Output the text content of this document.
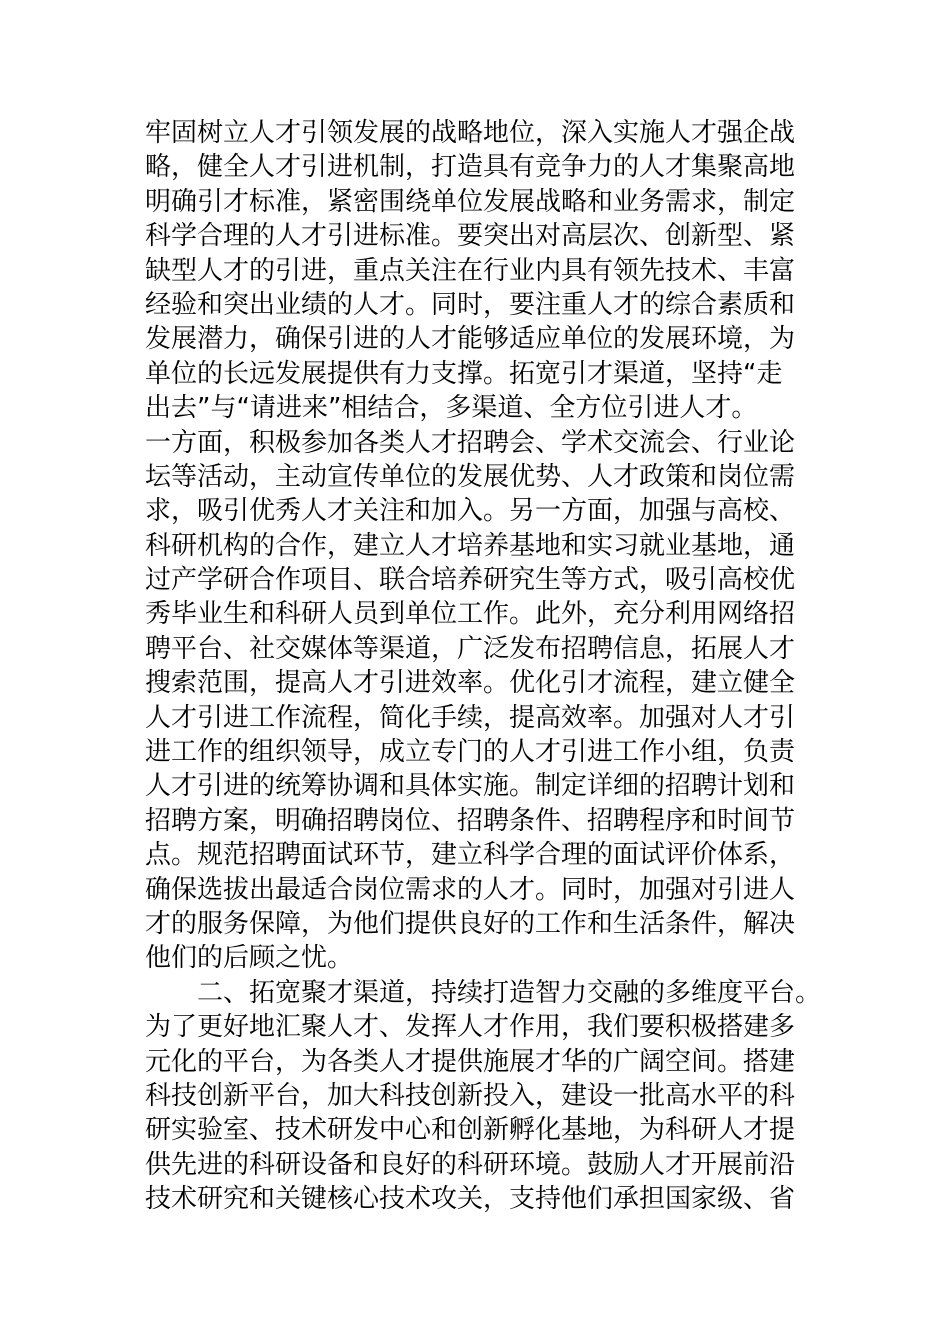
牢固树立人才引领发展的战略地位，深入实施人才强企战
略，健全人才引进机制，打造具有竞争力的人才集聚高地
明确引才标准，紧密围绕单位发展战略和业务需求，制定
科学合理的人才引进标准。要突出对高层次、创新型、紧
缺型人才的引进，重点关注在行业内具有领先技术、丰富
经验和突出业绩的人才。同时，要注重人才的综合素质和
发展潜力，确保引进的人才能够适应单位的发展环境，为
单位的长远发展提供有力支撑。拓宽引才渠道，坚持“走
出去”与“请进来”相结合，多渠道、全方位引进人才。
一方面，积极参加各类人才招聘会、学术交流会、行业论
坛等活动，主动宣传单位的发展优势、人才政策和岗位需
求，吸引优秀人才关注和加入。另一方面，加强与高校、
科研机构的合作，建立人才培养基地和实习就业基地，通
过产学研合作项目、联合培养研究生等方式，吸引高校优
秀毕业生和科研人员到单位工作。此外，充分利用网络招
聘平台、社交媒体等渠道，广泛发布招聘信息，拓展人才
搜索范围，提高人才引进效率。优化引才流程，建立健全
人才引进工作流程，简化手续，提高效率。加强对人才引
进工作的组织领导，成立专门的人才引进工作小组，负责
人才引进的统筹协调和具体实施。制定详细的招聘计划和
招聘方案，明确招聘岗位、招聘条件、招聘程序和时间节
点。规范招聘面试环节，建立科学合理的面试评价体系，
确保选拔出最适合岗位需求的人才。同时，加强对引进人
才的服务保障，为他们提供良好的工作和生活条件，解决
他们的后顾之忧。
二、拓宽聚才渠道，持续打造智力交融的多维度平台。
为了更好地汇聚人才、发挥人才作用，我们要积极搭建多
元化的平台，为各类人才提供施展才华的广阔空间。搭建
科技创新平台，加大科技创新投入，建设一批高水平的科
研实验室、技术研发中心和创新孵化基地，为科研人才提
供先进的科研设备和良好的科研环境。鼓励人才开展前沿
技术研究和关键核心技术攻关，支持他们承担国家级、省
